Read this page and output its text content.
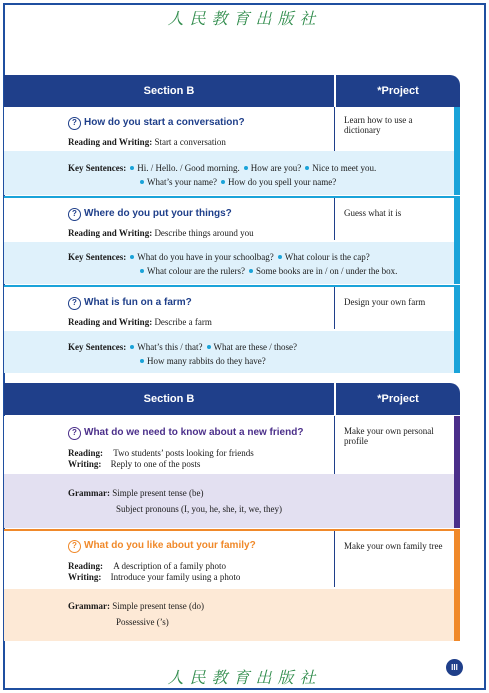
人民教育出版社
Section B	*Project
Learn how to use a dictionary
? How do you start a conversation?
Reading and Writing: Start a conversation
Key Sentences: Hi. / Hello. / Good morning. How are you? Nice to meet you.
What’s your name? How do you spell your name?
Guess what it is
? Where do you put your things?
Reading and Writing: Describe things around you
Key Sentences: What do you have in your schoolbag? What colour is the cap?
What colour are the rulers? Some books are in / on / under the box.
Design your own farm
? What is fun on a farm?
Reading and Writing: Describe a farm
Key Sentences: What’s this / that? What are these / those?
How many rabbits do they have?
Section B	*Project
Make your own personal profile
? What do we need to know about a new friend?
Reading: Two students’ posts looking for friends
Writing: Reply to one of the posts
Grammar: Simple present tense (be)
Subject pronouns (I, you, he, she, it, we, they)
Make your own family tree
? What do you like about your family?
Reading: A description of a family photo
Writing: Introduce your family using a photo
Grammar: Simple present tense (do)
Possessive (’s)
人民教育出版社
III
